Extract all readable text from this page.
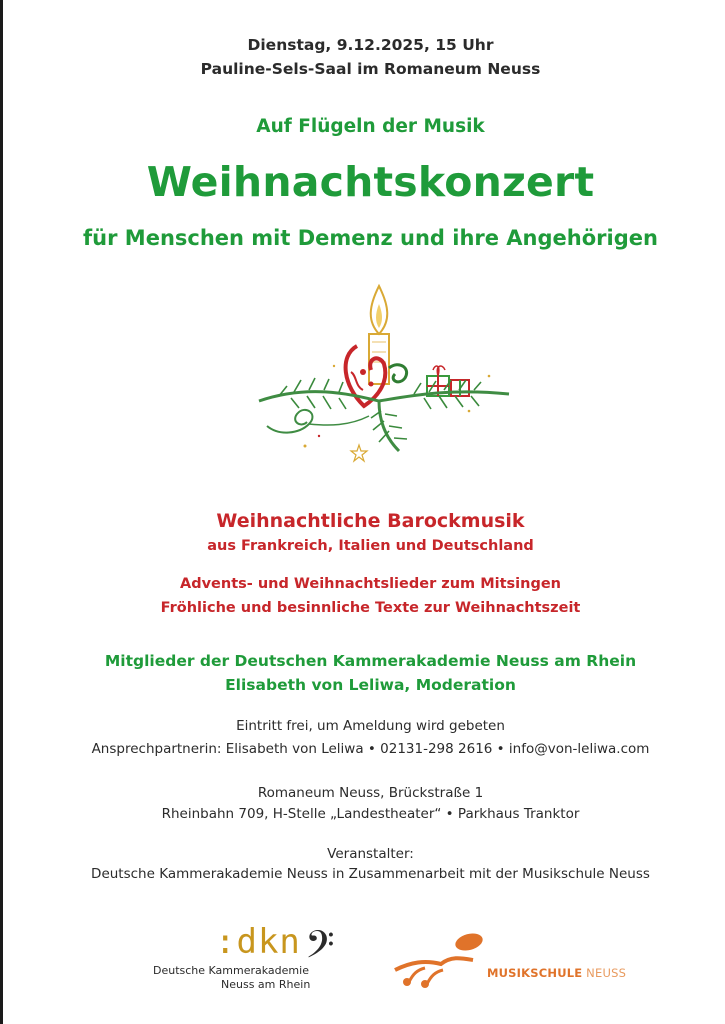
Dienstag, 9.12.2025, 15 Uhr
Pauline-Sels-Saal im Romaneum Neuss
Auf Flügeln der Musik
Weihnachtskonzert
für Menschen mit Demenz und ihre Angehörigen
Weihnachtliche Barockmusik
aus Frankreich, Italien und Deutschland
Advents- und Weihnachtslieder zum Mitsingen
Fröhliche und besinnliche Texte zur Weihnachtszeit
Mitglieder der Deutschen Kammerakademie Neuss am Rhein
Elisabeth von Leliwa, Moderation
Eintritt frei, um Ameldung wird gebeten
Ansprechpartnerin: Elisabeth von Leliwa • 02131-298 2616 • info@von-leliwa.com
Romaneum Neuss, Brückstraße 1
Rheinbahn 709, H-Stelle „Landestheater“ • Parkhaus Tranktor
Veranstalter:
Deutsche Kammerakademie Neuss in Zusammenarbeit mit der Musikschule Neuss
:dkn 𝄢
Deutsche Kammerakademie
Neuss am Rhein
MUSIKSCHULE NEUSS
